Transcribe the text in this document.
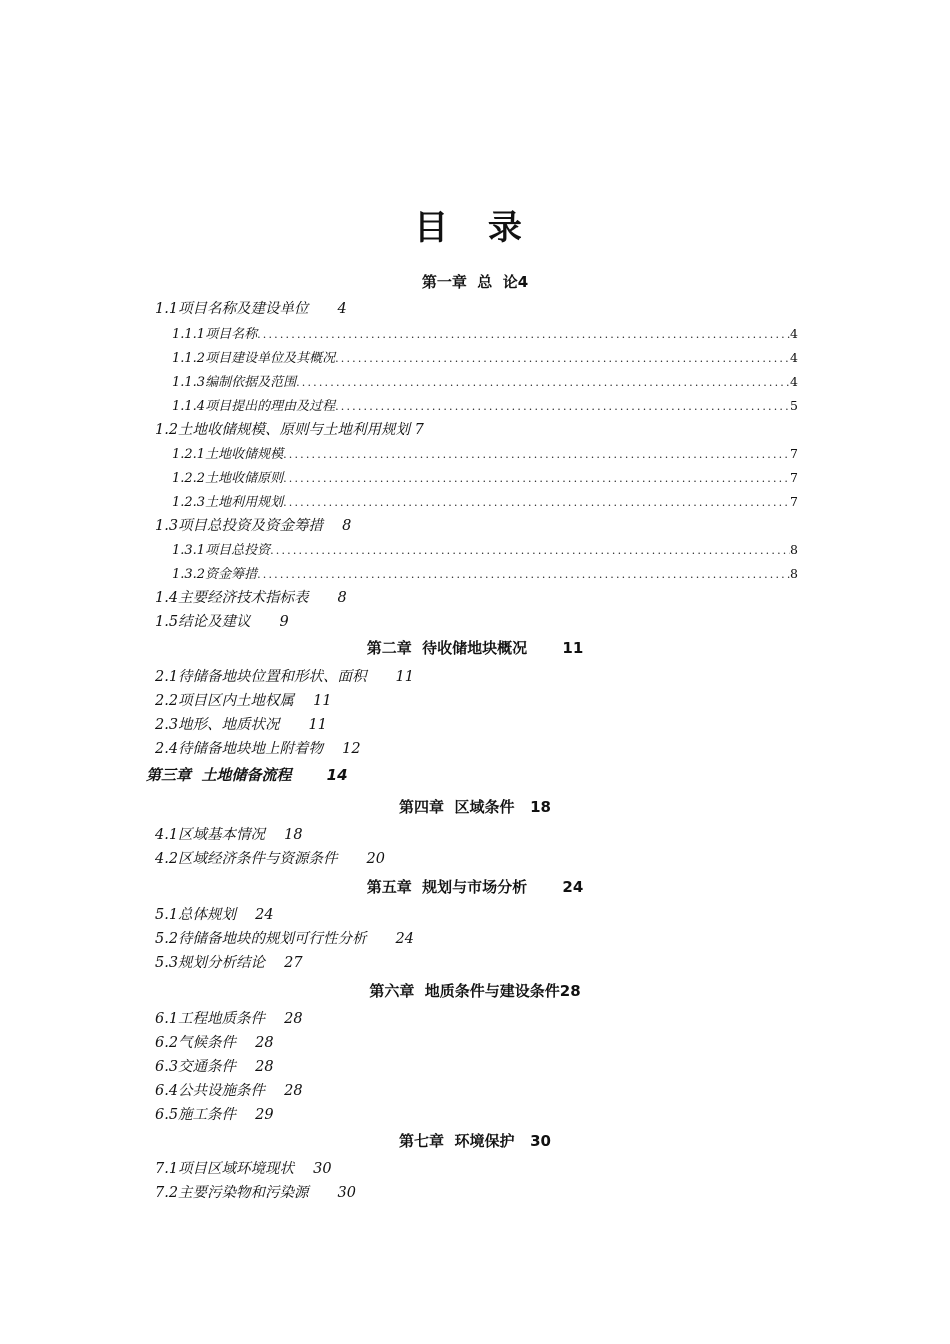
目 录
第一章  总  论4
1.1项目名称及建设单位　　4
1.1.1项目名称 .....	4
1.1.2项目建设单位及其概况 .....	4
1.1.3编制依据及范围 .....	4
1.1.4项目提出的理由及过程 .....	5
1.2土地收储规模、原则与土地利用规划 7
1.2.1土地收储规模 .....	7
1.2.2土地收储原则 .....	7
1.2.3土地利用规划 .....	7
1.3项目总投资及资金筹措　 8
1.3.1项目总投资 .....	8
1.3.2资金筹措 .....	8
1.4主要经济技术指标表　　8
1.5结论及建议　　9
第二章  待收储地块概况　　 11
2.1待储备地块位置和形状、面积　　11
2.2项目区内土地权属　 11
2.3地形、地质状况　　11
2.4待储备地块地上附着物　 12
第三章  土地储备流程　　 14
第四章  区域条件   18
4.1区域基本情况　 18
4.2区域经济条件与资源条件　　20
第五章  规划与市场分析　　 24
5.1总体规划　 24
5.2待储备地块的规划可行性分析　　24
5.3规划分析结论　 27
第六章  地质条件与建设条件28
6.1工程地质条件　 28
6.2气候条件　 28
6.3交通条件　 28
6.4公共设施条件　 28
6.5施工条件　 29
第七章  环境保护   30
7.1项目区域环境现状　 30
7.2主要污染物和污染源　　30
